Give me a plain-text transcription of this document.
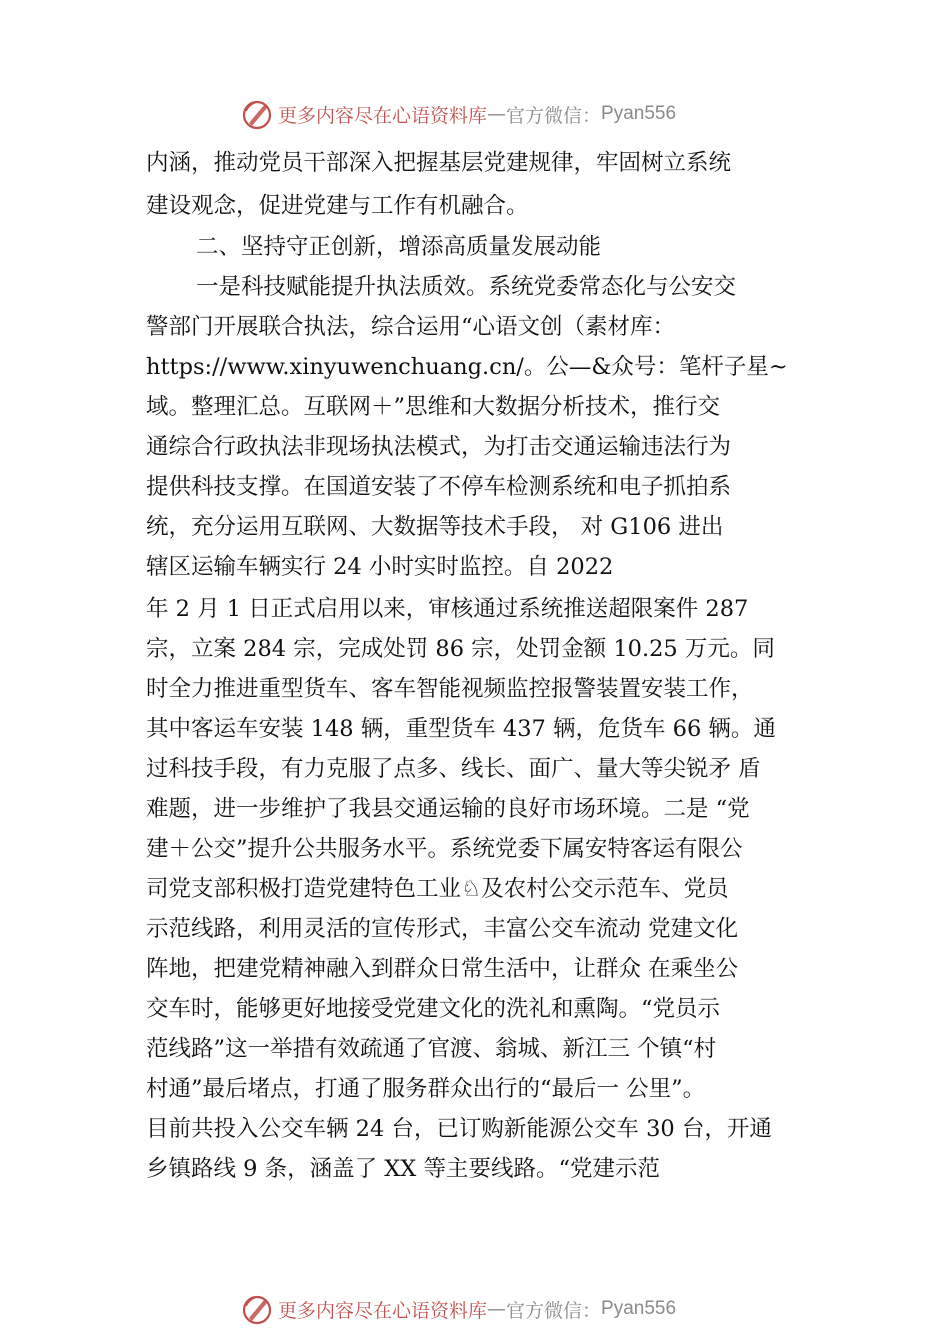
更多内容尽在心语资料库 — 官方微信： Pyan556
内涵，推动党员干部深入把握基层党建规律，牢固树立系统
建设观念，促进党建与工作有机融合。
二、坚持守正创新，增添高质量发展动能
一是科技赋能提升执法质效。系统党委常态化与公安交
警部门开展联合执法，综合运用“心语文创（素材库：
https://www.xinyuwenchuang.cn/。公—&众号：笔杆子星~
域。整理汇总。互联网＋”思维和大数据分析技术，推行交
通综合行政执法非现场执法模式，为打击交通运输违法行为
提供科技支撑。在国道安装了不停车检测系统和电子抓拍系
统，充分运用互联网、大数据等技术手段， 对 G106 进出
辖区运输车辆实行 24 小时实时监控。自 2022
年 2 月 1 日正式启用以来，审核通过系统推送超限案件 287
宗，立案 284 宗，完成处罚 86 宗，处罚金额 10.25 万元。同
时全力推进重型货车、客车智能视频监控报警装置安装工作，
其中客运车安装 148 辆，重型货车 437 辆，危货车 66 辆。通
过科技手段，有力克服了点多、线长、面广、量大等尖锐矛 盾
难题，进一步维护了我县交通运输的良好市场环境。二是 “党
建＋公交”提升公共服务水平。系统党委下属安特客运有限公
司党支部积极打造党建特色工业♘及农村公交示范车、党员
示范线路，利用灵活的宣传形式，丰富公交车流动 党建文化
阵地，把建党精神融入到群众日常生活中，让群众 在乘坐公
交车时，能够更好地接受党建文化的洗礼和熏陶。“党员示
范线路”这一举措有效疏通了官渡、翁城、新江三 个镇“村
村通”最后堵点，打通了服务群众出行的“最后一 公里”。
目前共投入公交车辆 24 台，已订购新能源公交车 30 台，开通
乡镇路线 9 条，涵盖了 XX 等主要线路。“党建示范
更多内容尽在心语资料库 — 官方微信： Pyan556
